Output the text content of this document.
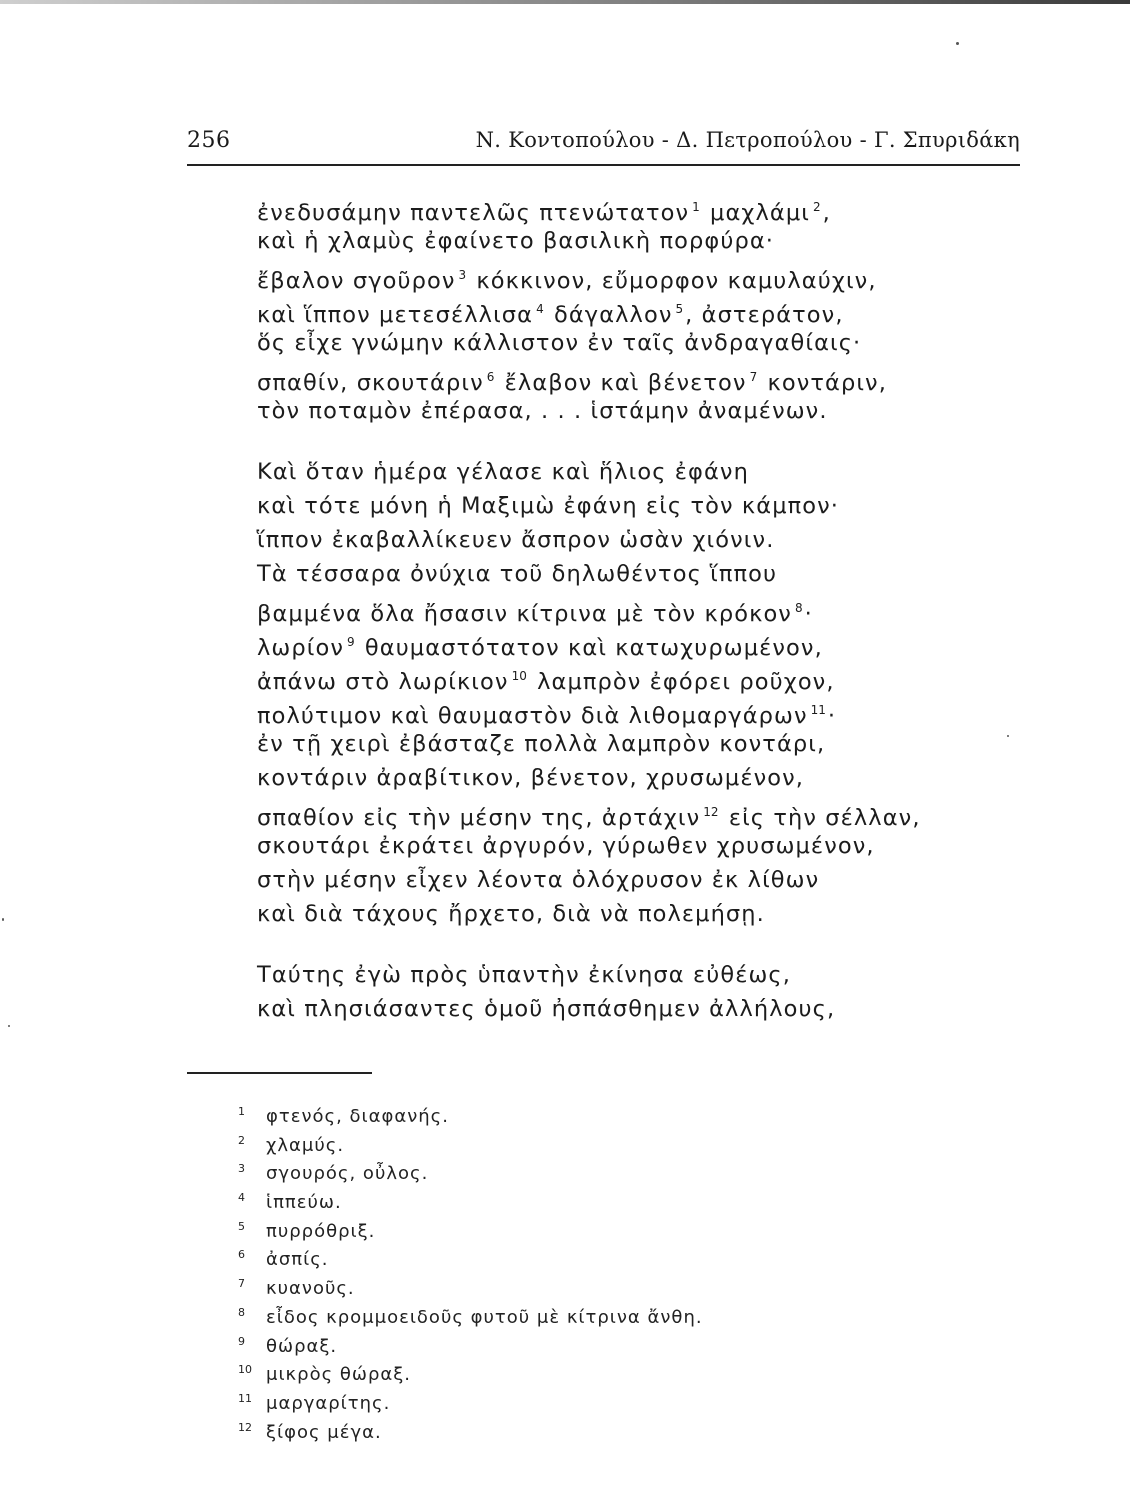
256	Ν. Κοντοπούλου - Δ. Πετροπούλου - Γ. Σπυριδάκη
ἐνεδυσάμην παντελῶς πτενώτατον $^1$ μαχλάμι $^2$,
καὶ ἡ χλαμὺς ἐφαίνετο βασιλικὴ πορφύρα·
ἔβαλον σγοῦρον $^3$ κόκκινον, εὔμορφον καμυλαύχιν,
καὶ ἵππον μετεσέλλισα $^4$ δάγαλλον $^5$, ἀστεράτον,
ὅς εἶχε γνώμην κάλλιστον ἐν ταῖς ἀνδραγαθίαις·
σπαθίν, σκουτάριν $^6$ ἔλαβον καὶ βένετον $^7$ κοντάριν,
τὸν ποταμὸν ἐπέρασα, . . . ἱστάμην ἀναμένων.
Καὶ ὅταν ἡμέρα γέλασε καὶ ἥλιος ἐφάνη
καὶ τότε μόνη ἡ Μαξιμὼ ἐφάνη εἰς τὸν κάμπον·
ἵππον ἐκαβαλλίκευεν ἄσπρον ὡσὰν χιόνιν.
Τὰ τέσσαρα ὀνύχια τοῦ δηλωθέντος ἵππου
βαμμένα ὅλα ἤσασιν κίτρινα μὲ τὸν κρόκον $^8$·
λωρίον $^9$ θαυμαστότατον καὶ κατωχυρωμένον,
ἀπάνω στὸ λωρίκιον $^{10}$ λαμπρὸν ἐφόρει ροῦχον,
πολύτιμον καὶ θαυμαστὸν διὰ λιθομαργάρων $^{11}$·
ἐν τῇ χειρὶ ἐβάσταζε πολλὰ λαμπρὸν κοντάρι,
κοντάριν ἀραβίτικον, βένετον, χρυσωμένον,
σπαθίον εἰς τὴν μέσην της, ἀρτάχιν $^{12}$ εἰς τὴν σέλλαν,
σκουτάρι ἐκράτει ἀργυρόν, γύρωθεν χρυσωμένον,
στὴν μέσην εἶχεν λέοντα ὁλόχρυσον ἐκ λίθων
καὶ διὰ τάχους ἤρχετο, διὰ νὰ πολεμήσῃ.
Ταύτης ἐγὼ πρὸς ὑπαντὴν ἐκίνησα εὐθέως,
καὶ πλησιάσαντες ὁμοῦ ἠσπάσθημεν ἀλλήλους,
1 φτενός, διαφανής.
2 χλαμύς.
3 σγουρός, οὖλος.
4 ἱππεύω.
5 πυρρόθριξ.
6 ἀσπίς.
7 κυανοῦς.
8 εἶδος κρομμοειδοῦς φυτοῦ μὲ κίτρινα ἄνθη.
9 θώραξ.
10 μικρὸς θώραξ.
11 μαργαρίτης.
12 ξίφος μέγα.
